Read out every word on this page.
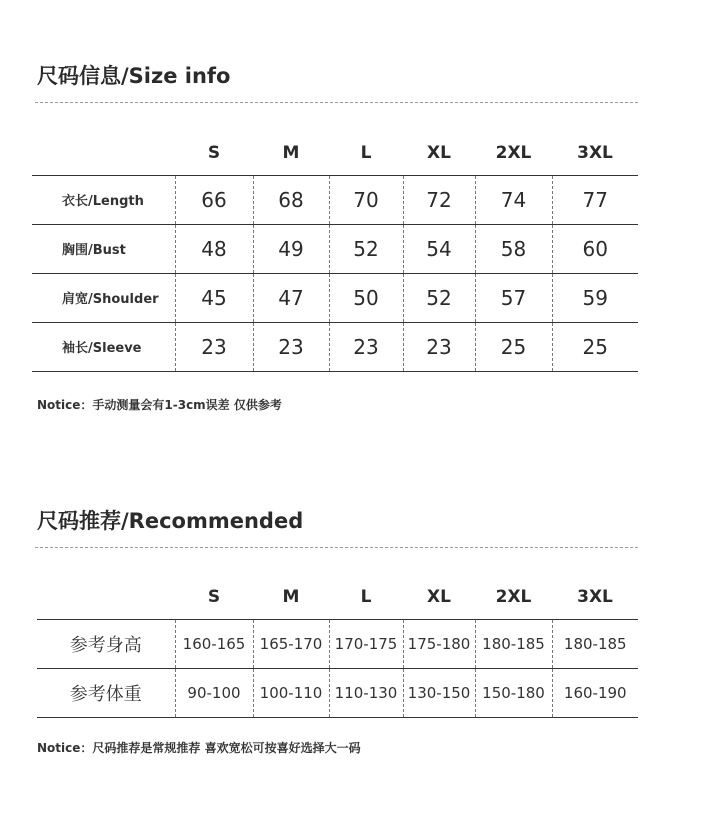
尺码信息/Size info
	S	M	L	XL	2XL	3XL
衣长/Length	66	68	70	72	74	77
胸围/Bust	48	49	52	54	58	60
肩宽/Shoulder	45	47	50	52	57	59
袖长/Sleeve	23	23	23	23	25	25
Notice：手动测量会有1-3cm误差 仅供参考
尺码推荐/Recommended
	S	M	L	XL	2XL	3XL
参考身高	160-165	165-170	170-175	175-180	180-185	180-185
参考体重	90-100	100-110	110-130	130-150	150-180	160-190
Notice：尺码推荐是常规推荐 喜欢宽松可按喜好选择大一码
